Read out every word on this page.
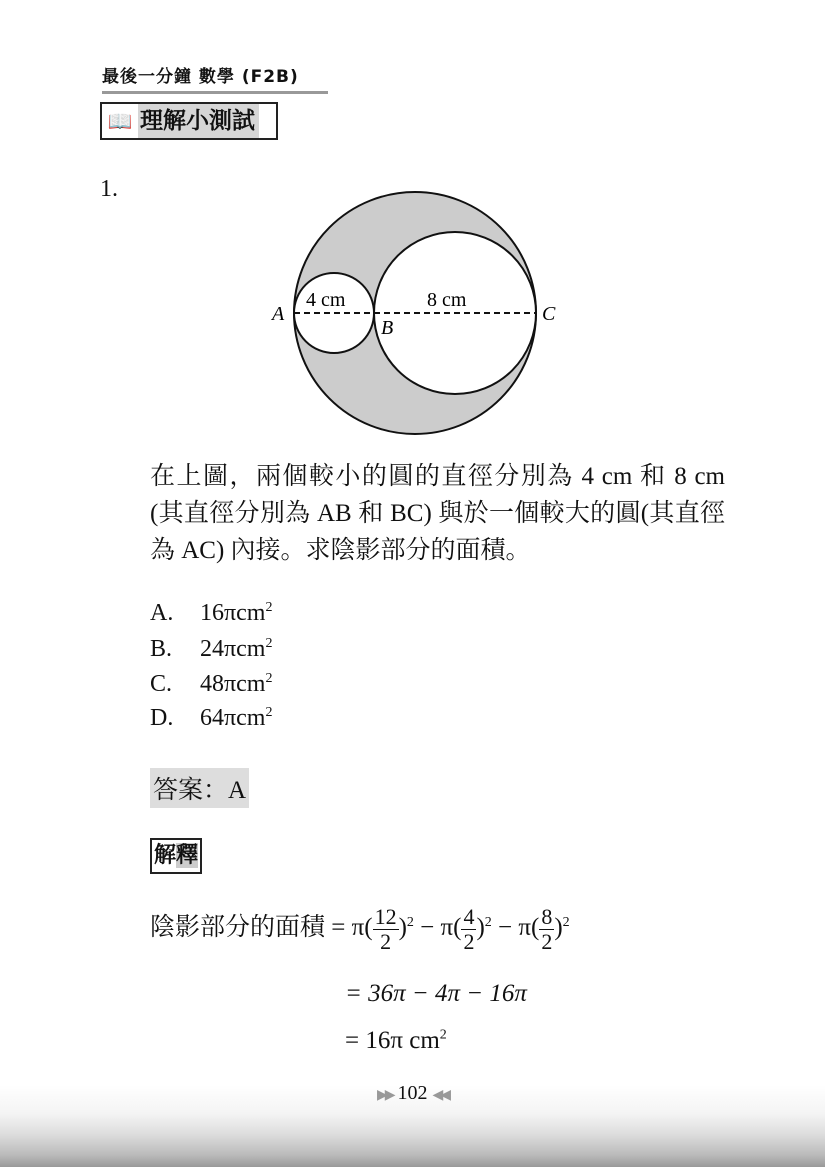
最後一分鐘 數學 (F2B)
📖 理解小測試
1.
A
B
C
4 cm	8 cm
在上圖，兩個較小的圓的直徑分別為 4 cm 和 8 cm (其直徑分別為 AB 和 BC) 與於一個較大的圓(其直徑為 AC) 內接。求陰影部分的面積。
A. 16πcm$^2$
B. 24πcm$^2$
C. 48πcm$^2$
D. 64πcm$^2$
答案：A
解釋
陰影部分的面積 = $\pi( \frac{12}{2} )^2 - \pi( \frac{4}{2} )^2 - \pi( \frac{8}{2} )^2$
= 36π − 4π − 16π
= 16π $cm^2$
▶▶ 102 ◀◀
